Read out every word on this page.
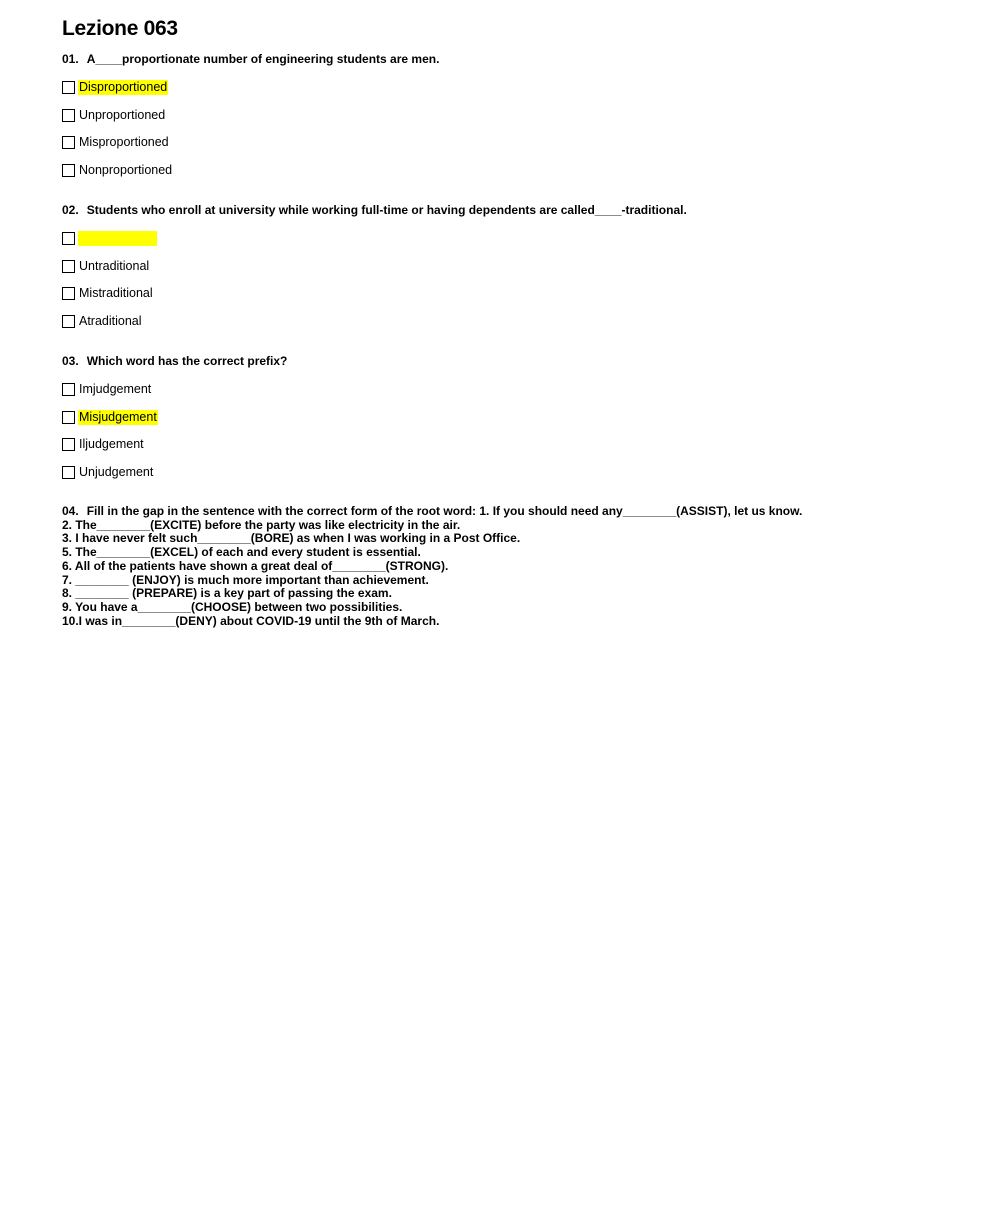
Lezione 063
01. A____proportionate number of engineering students are men.
Disproportioned
Unproportioned
Misproportioned
Nonproportioned
02. Students who enroll at university while working full-time or having dependents are called____-traditional.
Nontraditional
Untraditional
Mistraditional
Atraditional
03. Which word has the correct prefix?
Imjudgement
Misjudgement
Iljudgement
Unjudgement
04. Fill in the gap in the sentence with the correct form of the root word: 1. If you should need any________(ASSIST), let us know.
2. The________(EXCITE) before the party was like electricity in the air.
3. I have never felt such________(BORE) as when I was working in a Post Office.
5. The________(EXCEL) of each and every student is essential.
6. All of the patients have shown a great deal of________(STRONG).
7. ________ (ENJOY) is much more important than achievement.
8. ________ (PREPARE) is a key part of passing the exam.
9. You have a________(CHOOSE) between two possibilities.
10.I was in________(DENY) about COVID-19 until the 9th of March.
